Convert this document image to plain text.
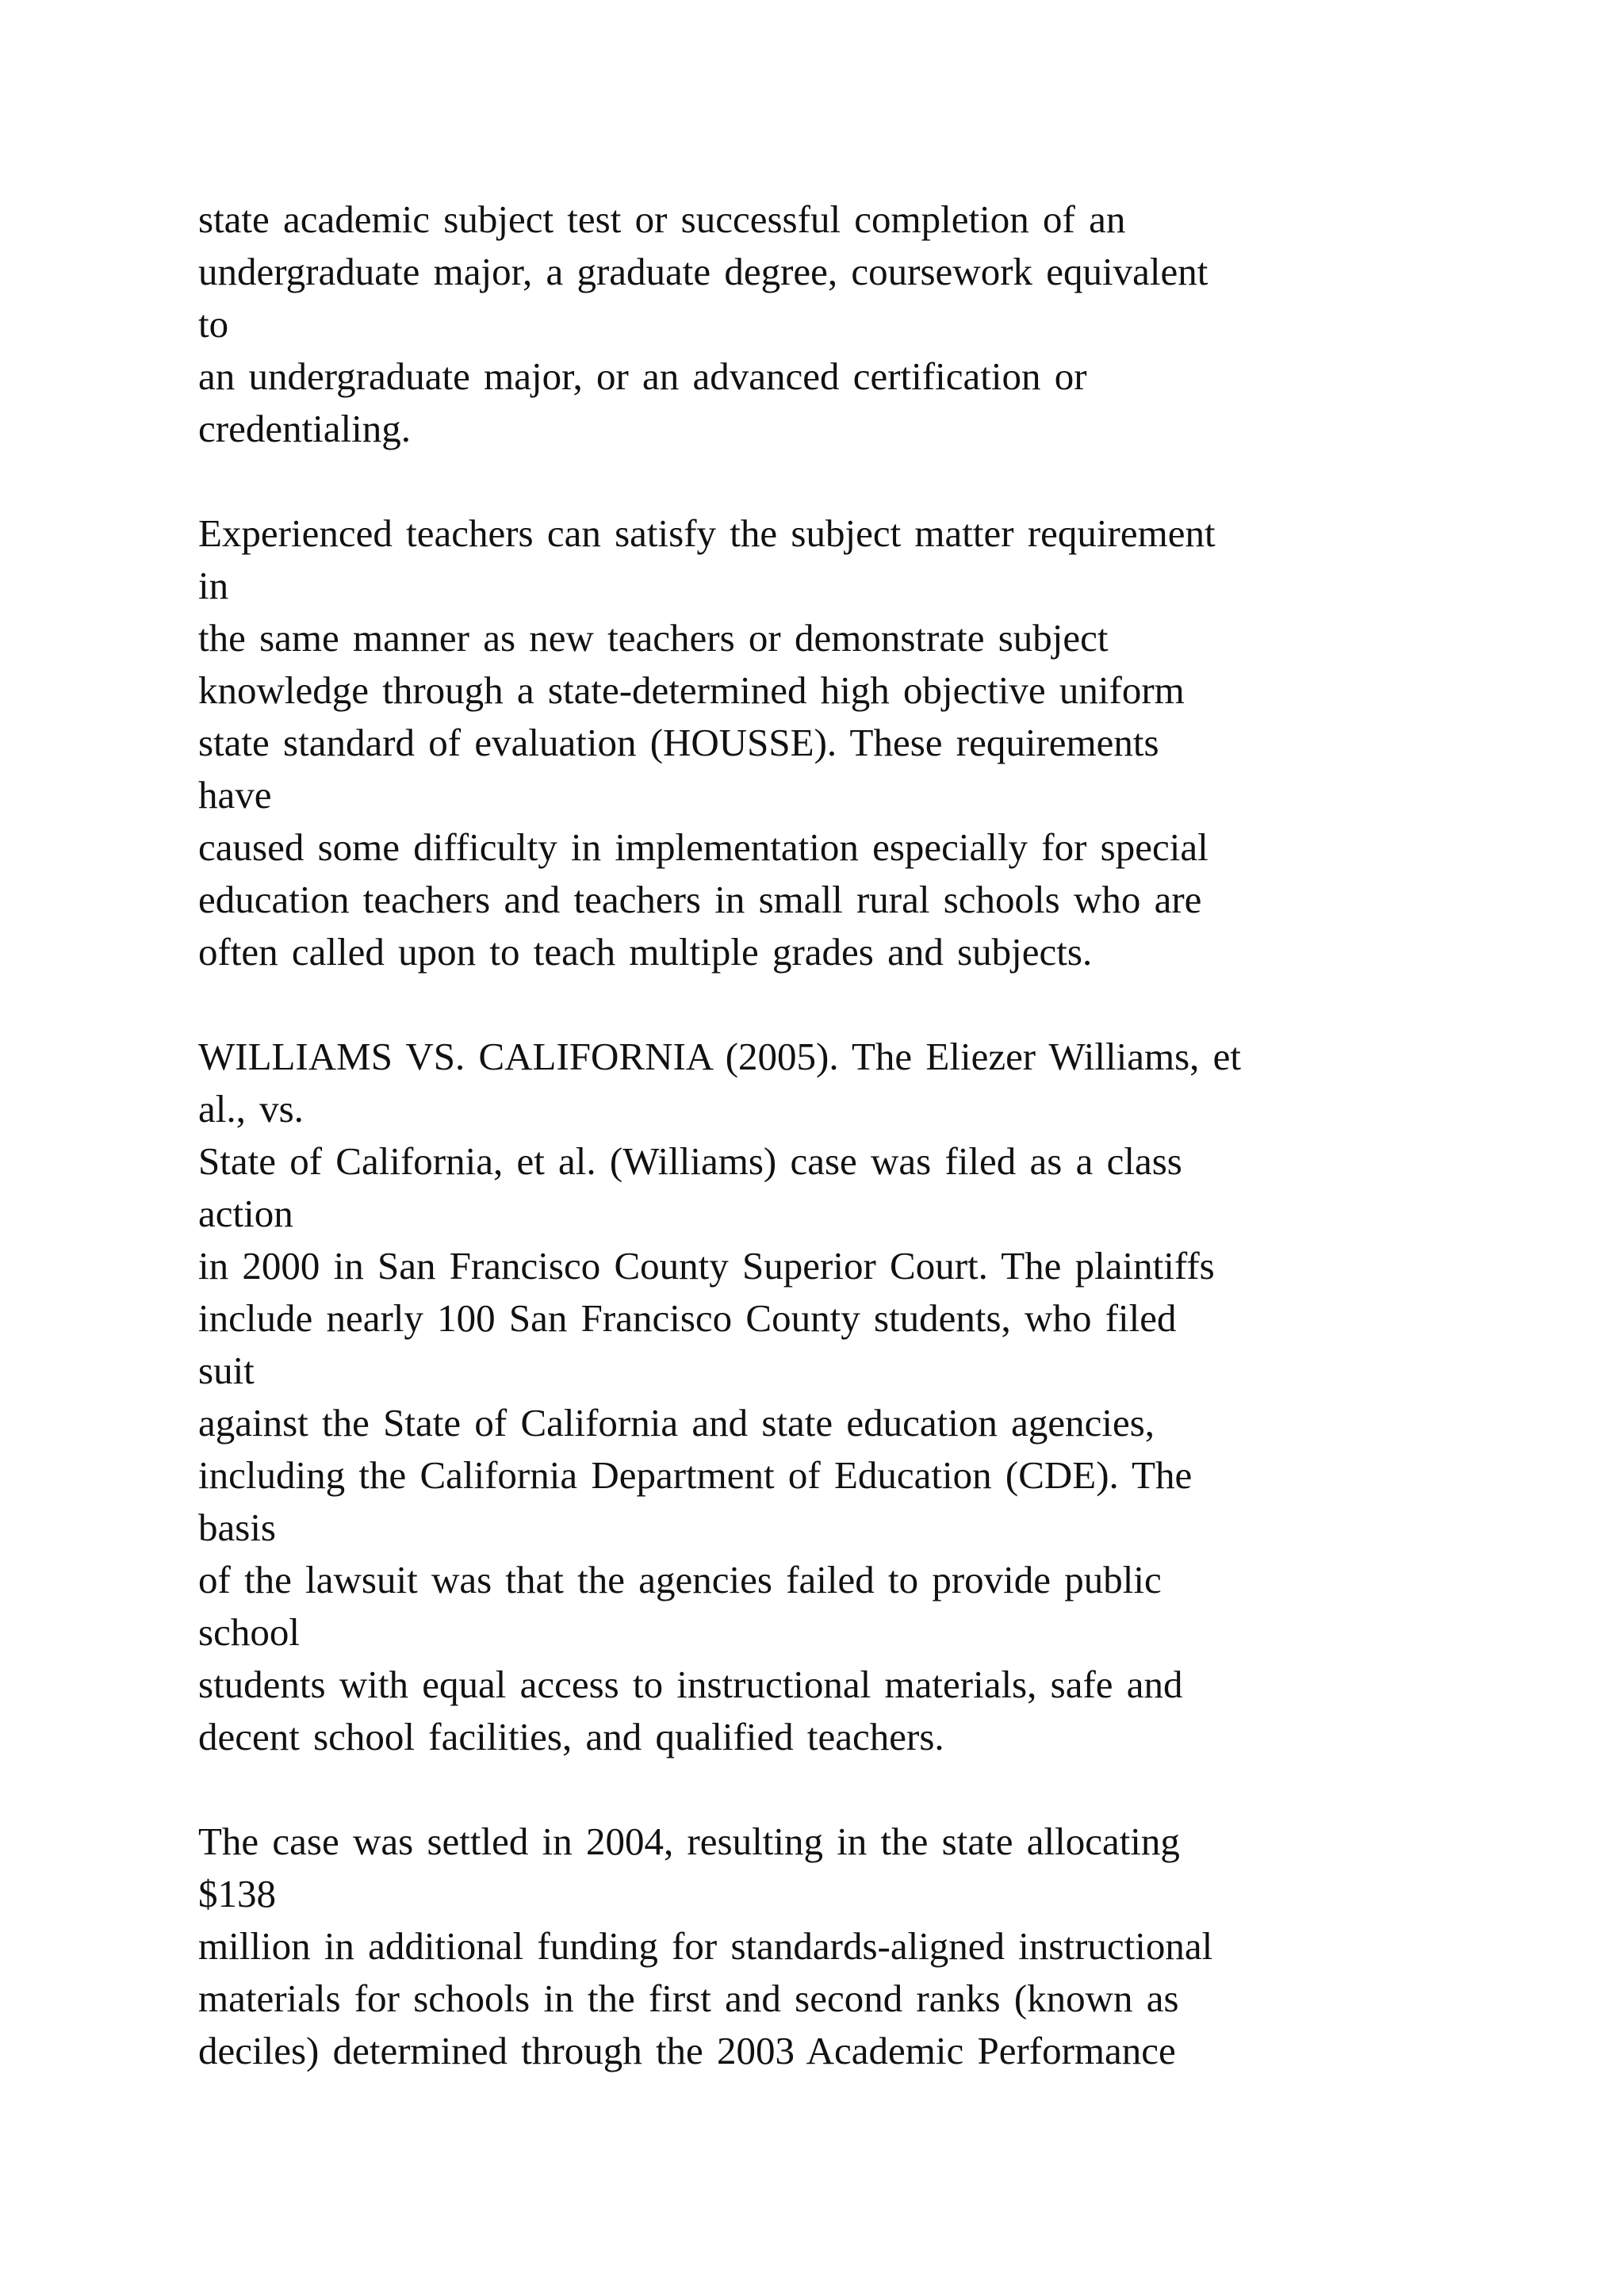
state academic subject test or successful completion of an
undergraduate major, a graduate degree, coursework equivalent
to
an undergraduate major, or an advanced certification or
credentialing.
Experienced teachers can satisfy the subject matter requirement
in
the same manner as new teachers or demonstrate subject
knowledge through a state-determined high objective uniform
state standard of evaluation (HOUSSE). These requirements
have
caused some difficulty in implementation especially for special
education teachers and teachers in small rural schools who are
often called upon to teach multiple grades and subjects.
WILLIAMS VS. CALIFORNIA (2005). The Eliezer Williams, et
al., vs.
State of California, et al. (Williams) case was filed as a class
action
in 2000 in San Francisco County Superior Court. The plaintiffs
include nearly 100 San Francisco County students, who filed
suit
against the State of California and state education agencies,
including the California Department of Education (CDE). The
basis
of the lawsuit was that the agencies failed to provide public
school
students with equal access to instructional materials, safe and
decent school facilities, and qualified teachers.
The case was settled in 2004, resulting in the state allocating
$138
million in additional funding for standards-aligned instructional
materials for schools in the first and second ranks (known as
deciles) determined through the 2003 Academic Performance
